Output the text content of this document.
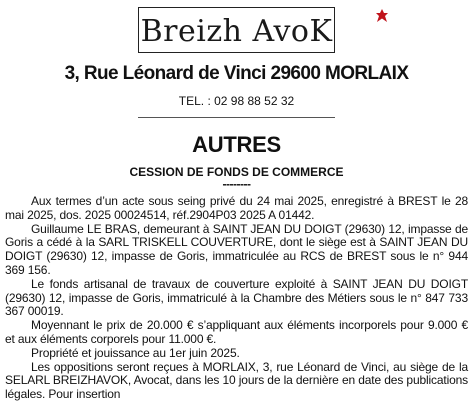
Breizh AvoK
3, Rue Léonard de Vinci 29600 MORLAIX
TEL. : 02 98 88 52 32
AUTRES
CESSION DE FONDS DE COMMERCE
--------

Aux termes d’un acte sous seing privé du 24 mai 2025, enregistré à BREST le 28 mai 2025, dos. 2025 00024514, réf.2904P03 2025 A 01442.

Guillaume LE BRAS, demeurant à SAINT JEAN DU DOIGT (29630) 12, impasse de Goris a cédé à la SARL TRISKELL COUVERTURE, dont le siège est à SAINT JEAN DU DOIGT (29630) 12, impasse de Goris, immatriculée au RCS de BREST sous le n° 944 369 156.

Le fonds artisanal de travaux de couverture exploité à SAINT JEAN DU DOIGT (29630) 12, impasse de Goris, immatriculé à la Chambre des Métiers sous le n° 847 733 367 00019.

Moyennant le prix de 20.000 € s’appliquant aux éléments incorporels pour 9.000 € et aux éléments corporels pour 11.000 €.

Propriété et jouissance au 1er juin 2025.

Les oppositions seront reçues à MORLAIX, 3, rue Léonard de Vinci, au siège de la SELARL BREIZHAVOK, Avocat, dans les 10 jours de la dernière en date des publications légales. Pour insertion
